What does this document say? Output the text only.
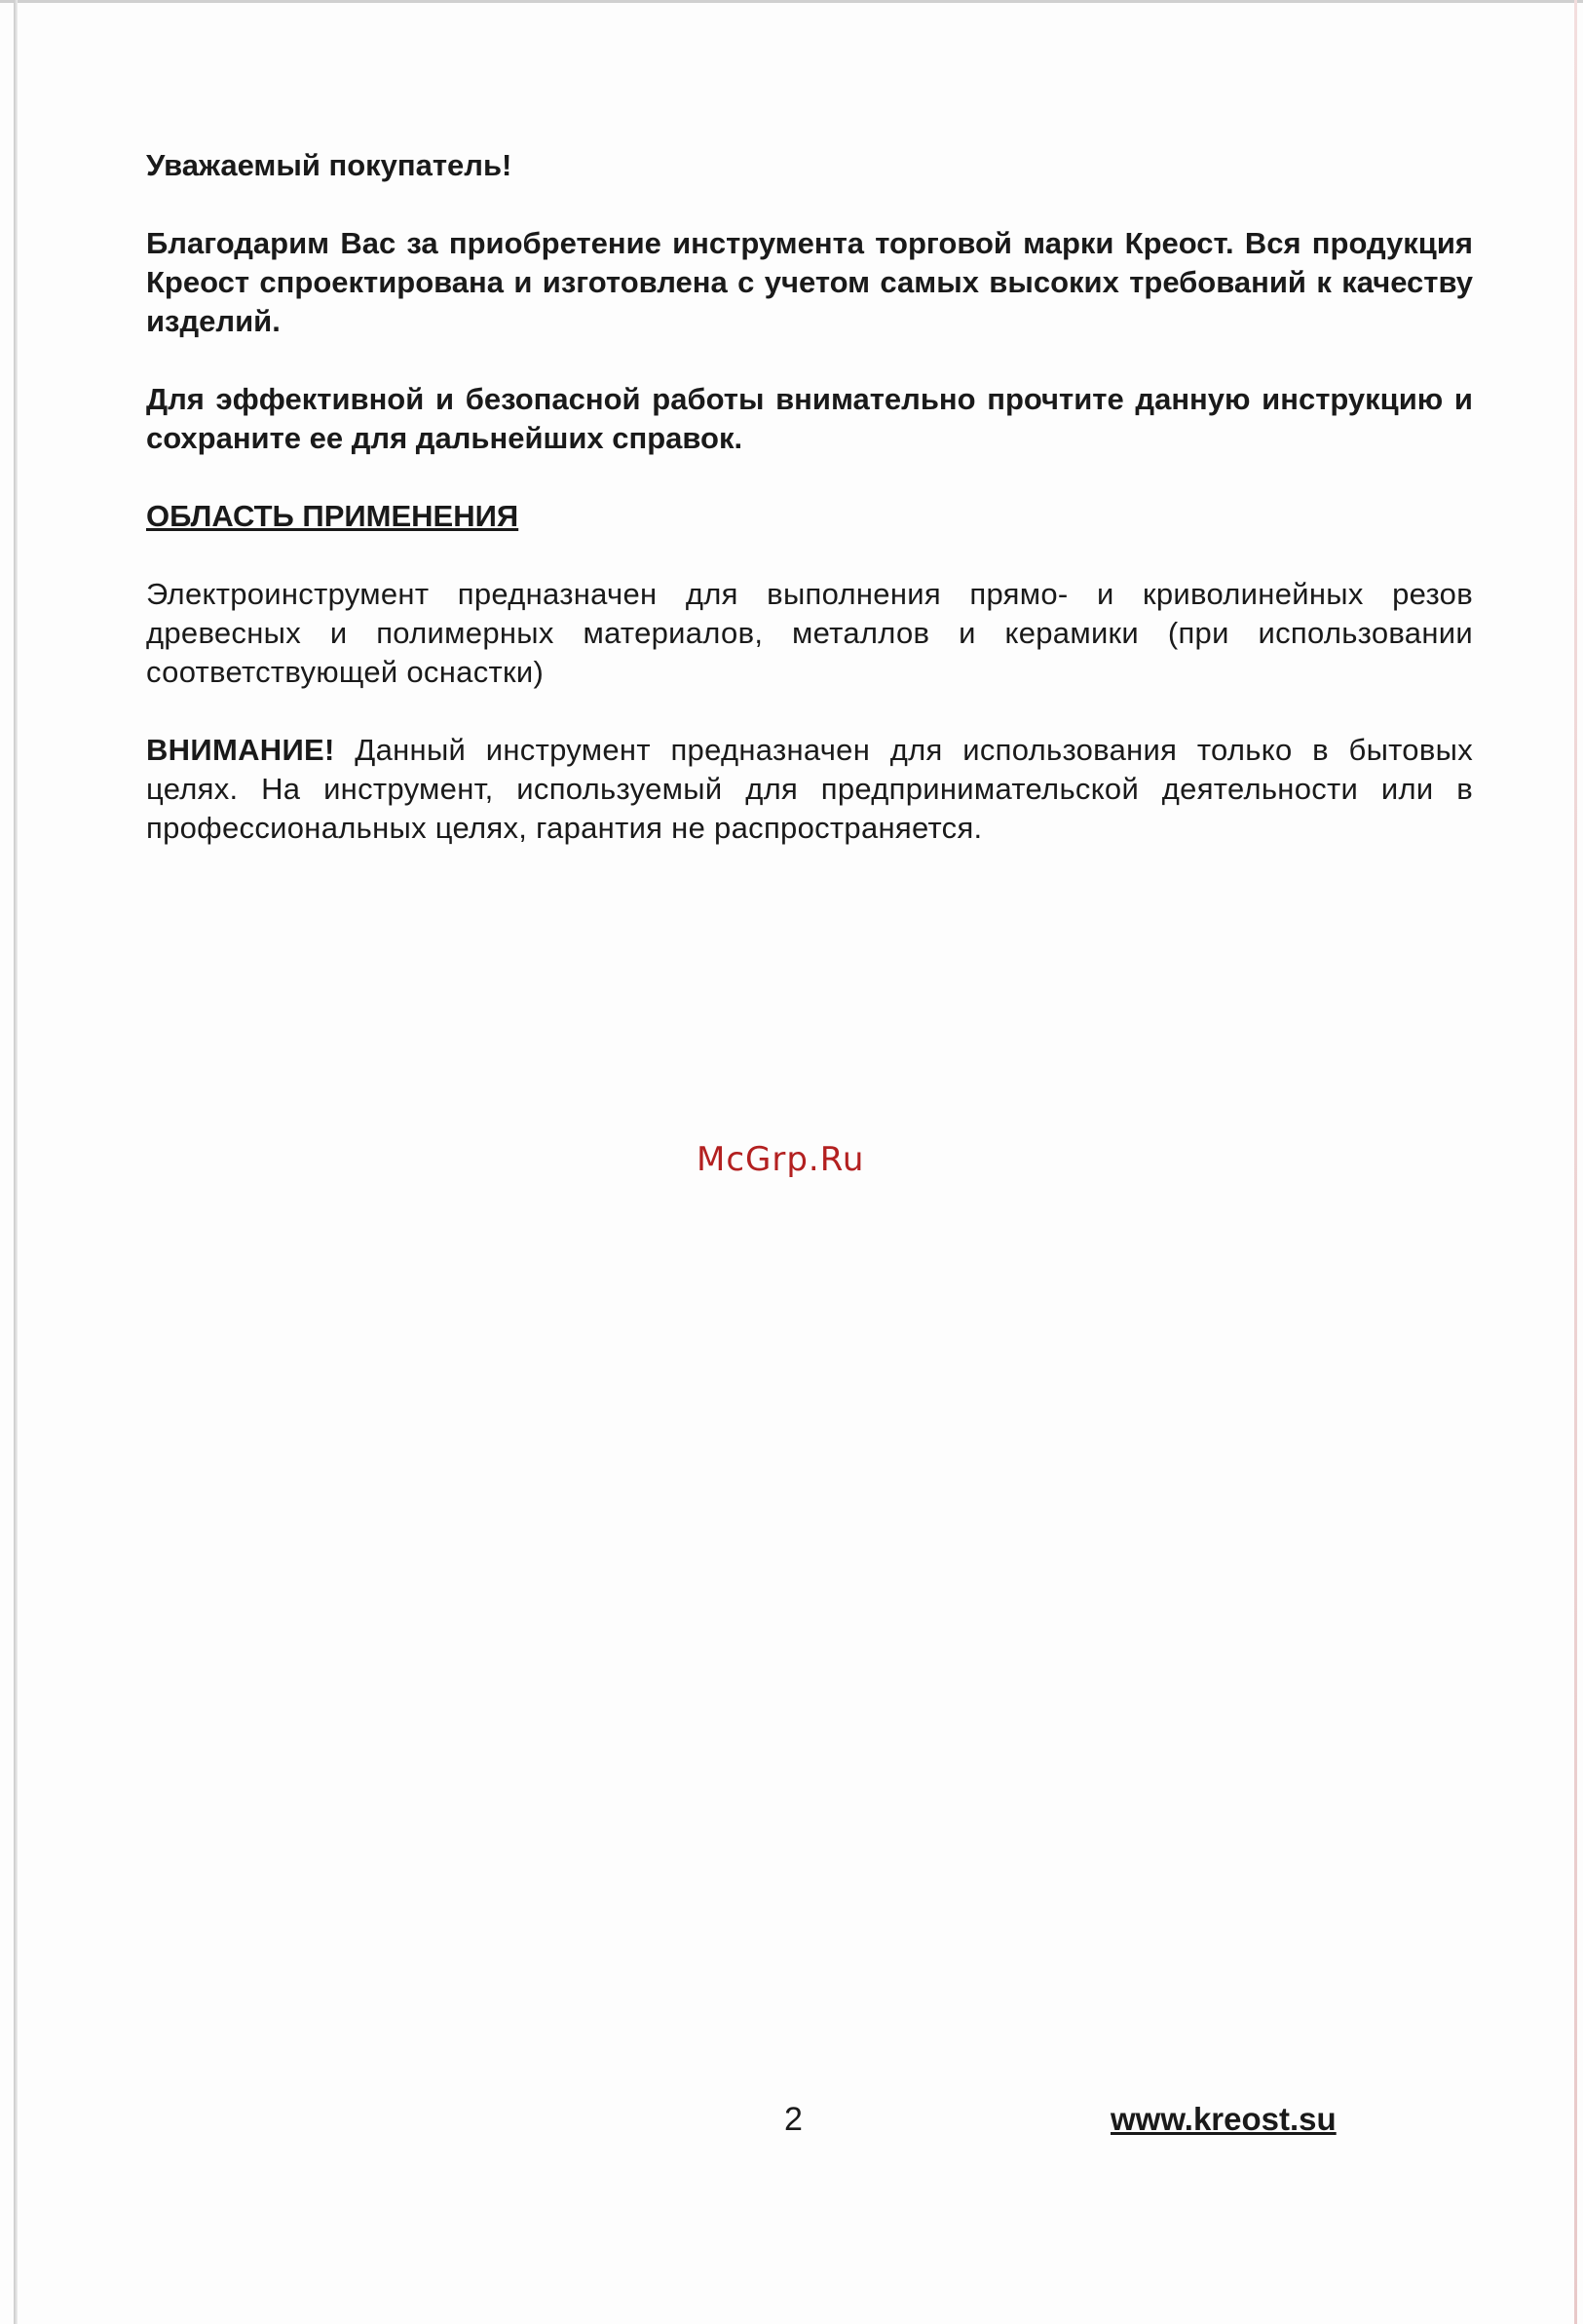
Уважаемый покупатель!

Благодарим Вас за приобретение инструмента торговой марки Креост. Вся продукция Креост спроектирована и изготовлена с учетом самых высоких требований к качеству изделий.

Для эффективной и безопасной работы внимательно прочтите данную инструкцию и сохраните ее для дальнейших справок.

ОБЛАСТЬ ПРИМЕНЕНИЯ

Электроинструмент предназначен для выполнения прямо- и криволинейных резов древесных и полимерных материалов, металлов и керамики (при использовании соответствующей оснастки)

ВНИМАНИЕ! Данный инструмент предназначен для использования только в бытовых целях. На инструмент, используемый для предпринимательской деятельности или в профессиональных целях, гарантия не распространяется.

McGrp.Ru
2	www.kreost.su
